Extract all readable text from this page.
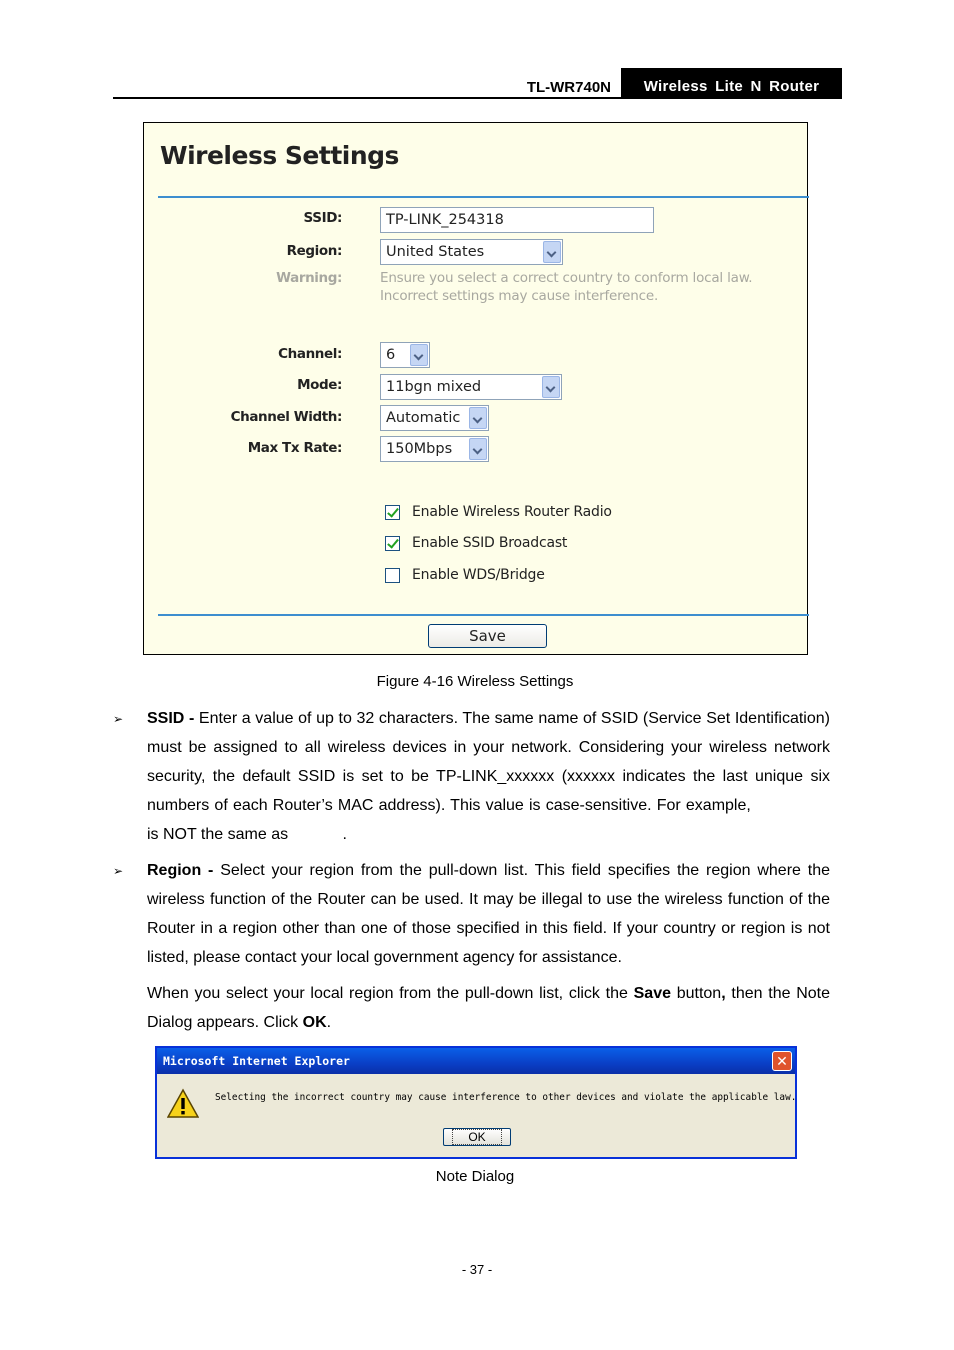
TL-WR740N	Wireless Lite N Router
Wireless Settings
SSID:	TP-LINK_254318
Region:	United States
Warning:	Ensure you select a correct country to conform local law.
Incorrect settings may cause interference.
Channel:	6
Mode:	11bgn mixed
Channel Width:	Automatic
Max Tx Rate:	150Mbps
Enable Wireless Router Radio
Enable SSID Broadcast
Enable WDS/Bridge
Save
Figure 4-16 Wireless Settings
➢ SSID - Enter a value of up to 32 characters. The same name of SSID (Service Set Identification) must be assigned to all wireless devices in your network. Considering your wireless network security, the default SSID is set to be TP-LINK_xxxxxx (xxxxxx indicates the last unique six numbers of each Router’s MAC address). This value is case-sensitive. For example,  is NOT the same as	.
➢ Region - Select your region from the pull-down list. This field specifies the region where the wireless function of the Router can be used. It may be illegal to use the wireless function of the Router in a region other than one of those specified in this field. If your country or region is not listed, please contact your local government agency for assistance.
When you select your local region from the pull-down list, click the Save button, then the Note Dialog appears. Click OK.
Microsoft Internet Explorer	✕
Selecting the incorrect country may cause interference to other devices and violate the applicable law.
OK
Note Dialog
- 37 -
